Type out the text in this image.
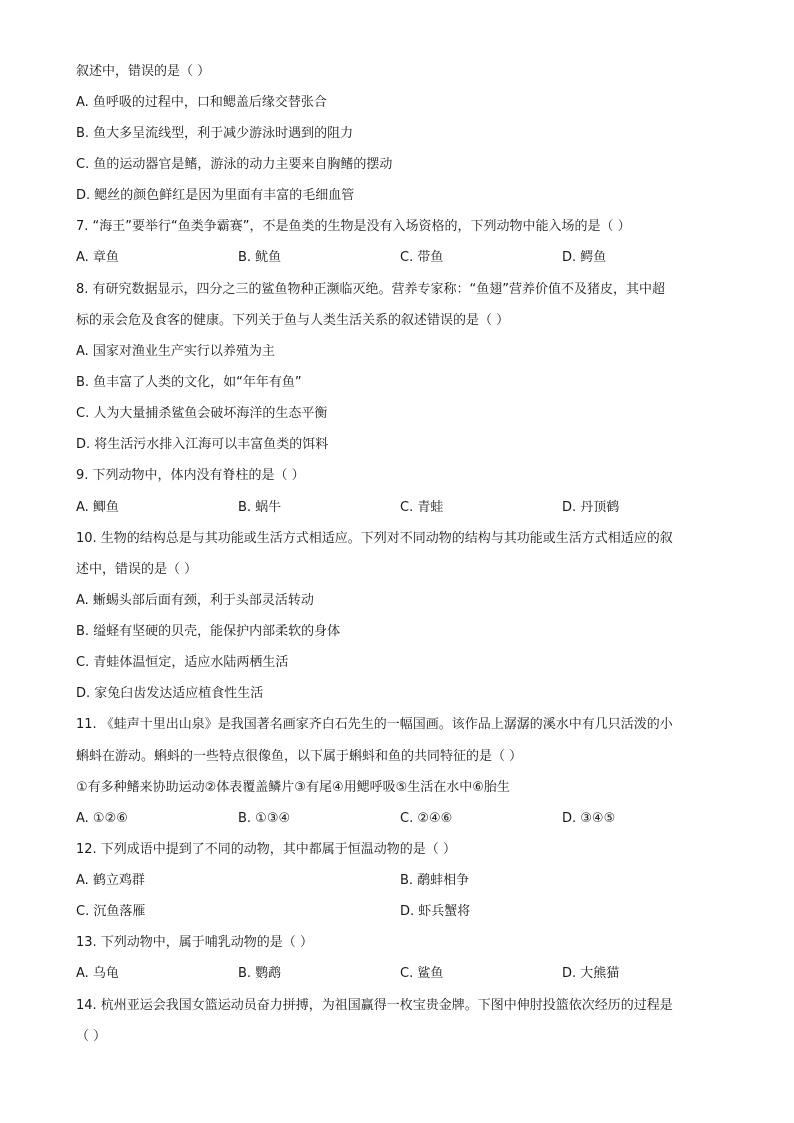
叙述中，错误的是（ ）
A. 鱼呼吸的过程中，口和鳃盖后缘交替张合
B. 鱼大多呈流线型，利于减少游泳时遇到的阻力
C. 鱼的运动器官是鳍，游泳的动力主要来自胸鳍的摆动
D. 鳃丝的颜色鲜红是因为里面有丰富的毛细血管
7. “海王”要举行“鱼类争霸赛”，不是鱼类的生物是没有入场资格的，下列动物中能入场的是（ ）
A. 章鱼	B. 鱿鱼	C. 带鱼	D. 鳄鱼
8. 有研究数据显示，四分之三的鲨鱼物种正濒临灭绝。营养专家称：“鱼翅”营养价值不及猪皮，其中超
标的汞会危及食客的健康。下列关于鱼与人类生活关系的叙述错误的是（ ）
A. 国家对渔业生产实行以养殖为主
B. 鱼丰富了人类的文化，如“年年有鱼”
C. 人为大量捕杀鲨鱼会破坏海洋的生态平衡
D. 将生活污水排入江海可以丰富鱼类的饵料
9. 下列动物中，体内没有脊柱的是（ ）
A. 鲫鱼	B. 蜗牛	C. 青蛙	D. 丹顶鹤
10. 生物的结构总是与其功能或生活方式相适应。下列对不同动物的结构与其功能或生活方式相适应的叙
述中，错误的是（ ）
A. 蜥蜴头部后面有颈，利于头部灵活转动
B. 缢蛏有坚硬的贝壳，能保护内部柔软的身体
C. 青蛙体温恒定，适应水陆两栖生活
D. 家兔臼齿发达适应植食性生活
11. 《蛙声十里出山泉》是我国著名画家齐白石先生的一幅国画。该作品上潺潺的溪水中有几只活泼的小
蝌蚪在游动。蝌蚪的一些特点很像鱼，以下属于蝌蚪和鱼的共同特征的是（ ）
①有多种鳍来协助运动②体表覆盖鳞片③有尾④用鳃呼吸⑤生活在水中⑥胎生
A. ①②⑥	B. ①③④	C. ②④⑥	D. ③④⑤
12. 下列成语中提到了不同的动物，其中都属于恒温动物的是（ ）
A. 鹤立鸡群	B. 鹬蚌相争
C. 沉鱼落雁	D. 虾兵蟹将
13. 下列动物中，属于哺乳动物的是（ ）
A. 乌龟	B. 鹦鹉	C. 鲨鱼	D. 大熊猫
14. 杭州亚运会我国女篮运动员奋力拼搏，为祖国赢得一枚宝贵金牌。下图中伸肘投篮依次经历的过程是
（ ）
